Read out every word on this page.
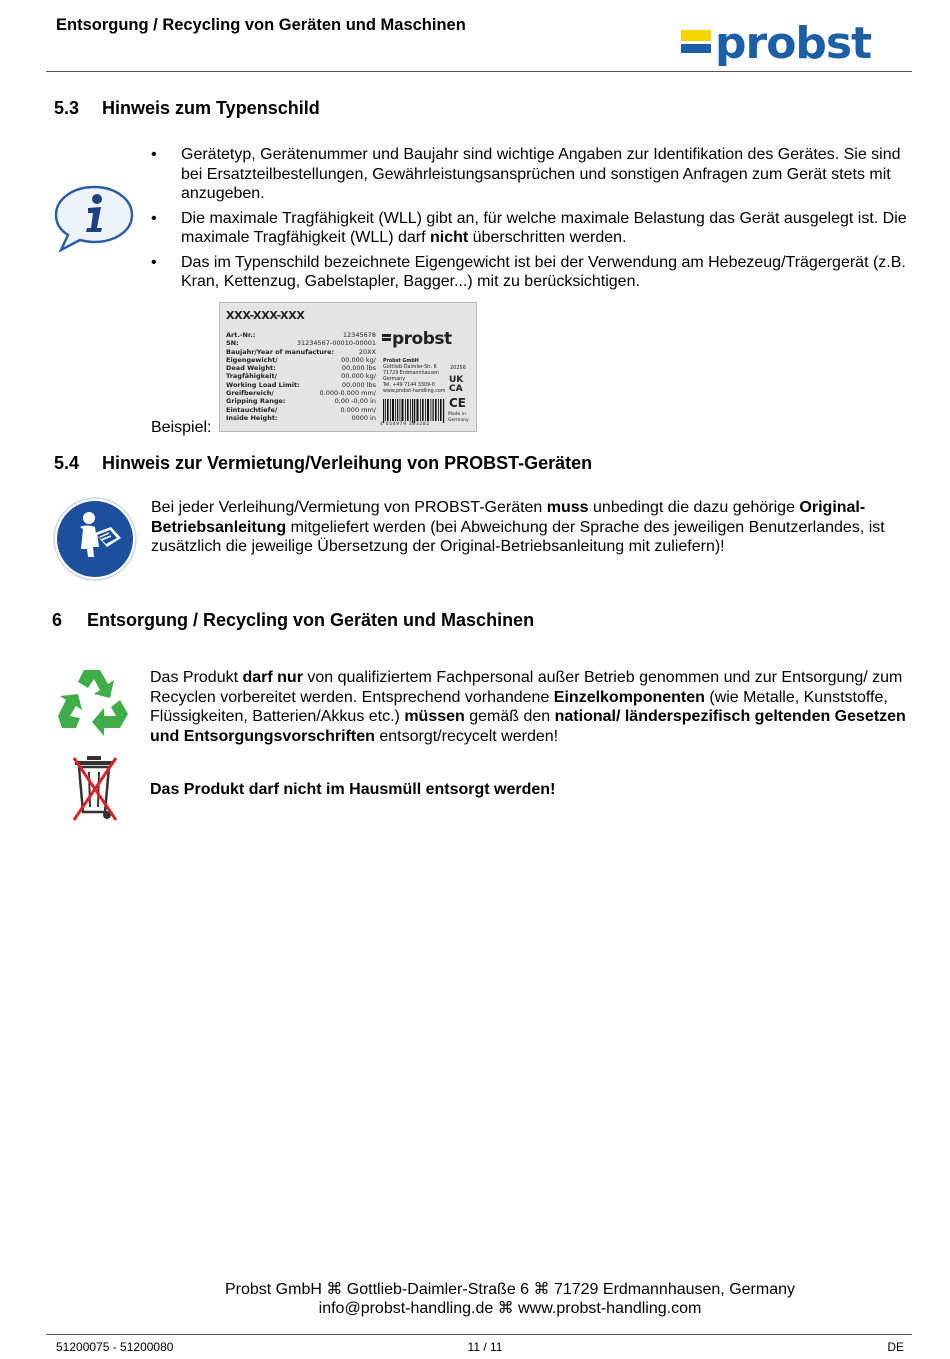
Entsorgung / Recycling von Geräten und Maschinen	probst
5.3 Hinweis zum Typenschild
• Gerätetyp, Gerätenummer und Baujahr sind wichtige Angaben zur Identifikation des Gerätes. Sie sind bei Ersatzteilbestellungen, Gewährleistungsansprüchen und sonstigen Anfragen zum Gerät stets mit anzugeben.
• Die maximale Tragfähigkeit (WLL) gibt an, für welche maximale Belastung das Gerät ausgelegt ist. Die maximale Tragfähigkeit (WLL) darf nicht überschritten werden.
• Das im Typenschild bezeichnete Eigengewicht ist bei der Verwendung am Hebezeug/Trägergerät (z.B. Kran, Kettenzug, Gabelstapler, Bagger...) mit zu berücksichtigen.
Beispiel:
XXX-XXX-XXX
Art.-Nr.:	12345678
SN:	31234567-00010-00001
Baujahr/Year of manufacture:	20XX
Eigengewicht/	00.000 kg/
Dead Weight:	00,000 lbs
Tragfähigkeit/	00.000 kg/
Working Load Limit:	00,000 lbs
Greifbereich/	0.000-0.000 mm/
Gripping Range:	0,00 -0,00 in
Eintauchtiefe/	0.000 mm/
Inside Height:	0000 in
probst
Probst GmbH
Gottlieb-Daimler-Str. 6
71729 Erdmannhausen
Germany
Tel. +49 7144 3309-0
www.probst-handling.com
20256
UK
CA
CE
Made in
Germany
4 054979 383282
5.4 Hinweis zur Vermietung/Verleihung von PROBST-Geräten
Bei jeder Verleihung/Vermietung von PROBST-Geräten muss unbedingt die dazu gehörige Original-Betriebsanleitung mitgeliefert werden (bei Abweichung der Sprache des jeweiligen Benutzerlandes, ist zusätzlich die jeweilige Übersetzung der Original-Betriebsanleitung mit zuliefern)!
6 Entsorgung / Recycling von Geräten und Maschinen
Das Produkt darf nur von qualifiziertem Fachpersonal außer Betrieb genommen und zur Entsorgung/ zum Recyclen vorbereitet werden. Entsprechend vorhandene Einzelkomponenten (wie Metalle, Kunststoffe, Flüssigkeiten, Batterien/Akkus etc.) müssen gemäß den national/ länderspezifisch geltenden Gesetzen und Entsorgungsvorschriften entsorgt/recycelt werden!
Das Produkt darf nicht im Hausmüll entsorgt werden!
Probst GmbH ⌘ Gottlieb-Daimler-Straße 6 ⌘ 71729 Erdmannhausen, Germany
info@probst-handling.de ⌘ www.probst-handling.com
51200075 - 51200080	11 / 11	DE
